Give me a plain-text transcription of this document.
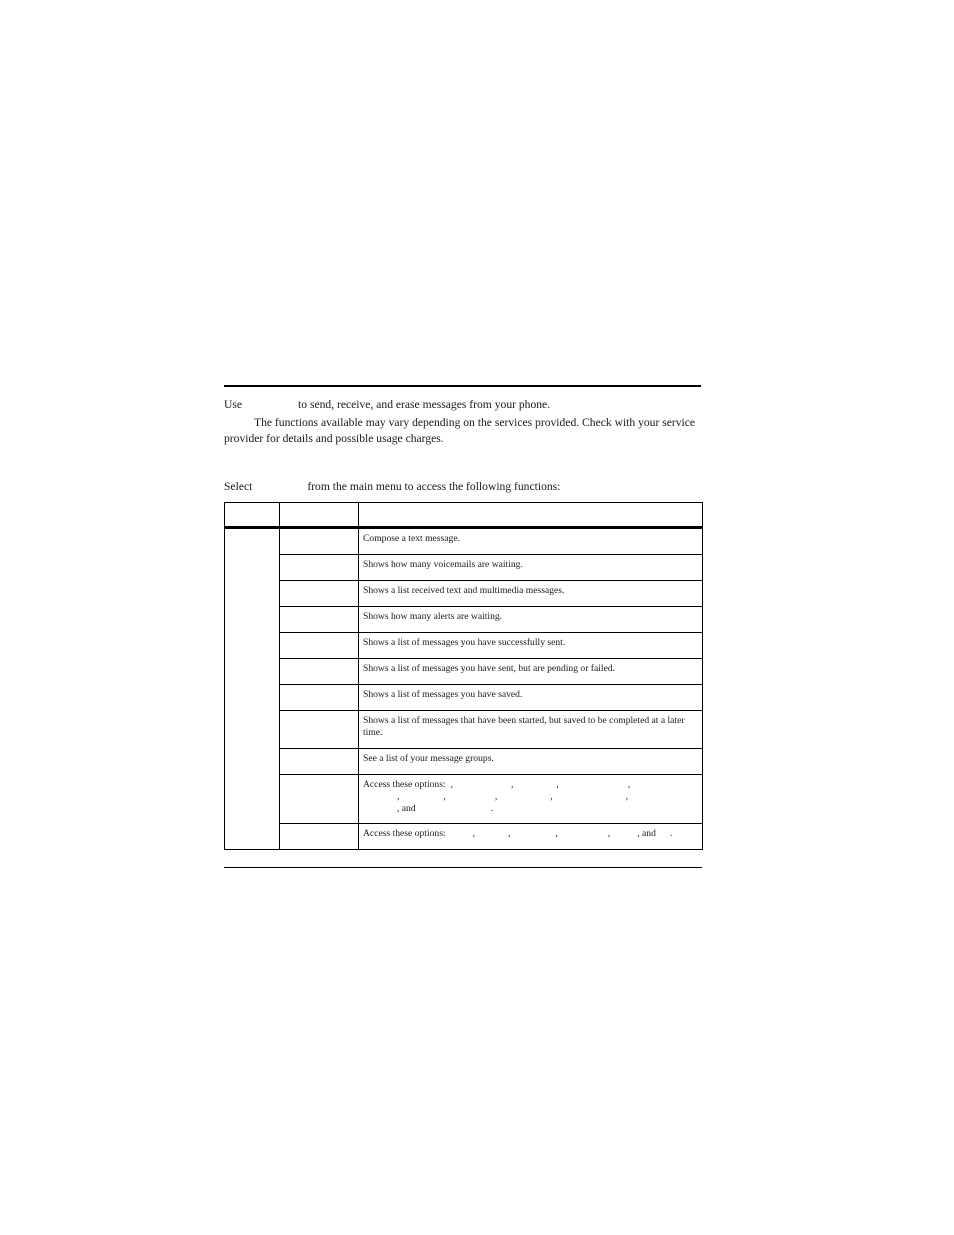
Use	to send, receive, and erase messages from your phone.
The functions available may vary depending on the services provided. Check with your service provider for details and possible usage charges.
Select	from the main menu to access the following functions:

		Compose a text message.
		Shows how many voicemails are waiting.
		Shows a list received text and multimedia messages.
		Shows how many alerts are waiting.
		Shows a list of messages you have successfully sent.
		Shows a list of messages you have sent, but are pending or failed.
		Shows a list of messages you have saved.
		Shows a list of messages that have been started, but saved to be completed at a later time.
		See a list of your message groups.

		Access these options: , , , ,
, , , , ,
, and .

		Access these options: , , , , , and .
